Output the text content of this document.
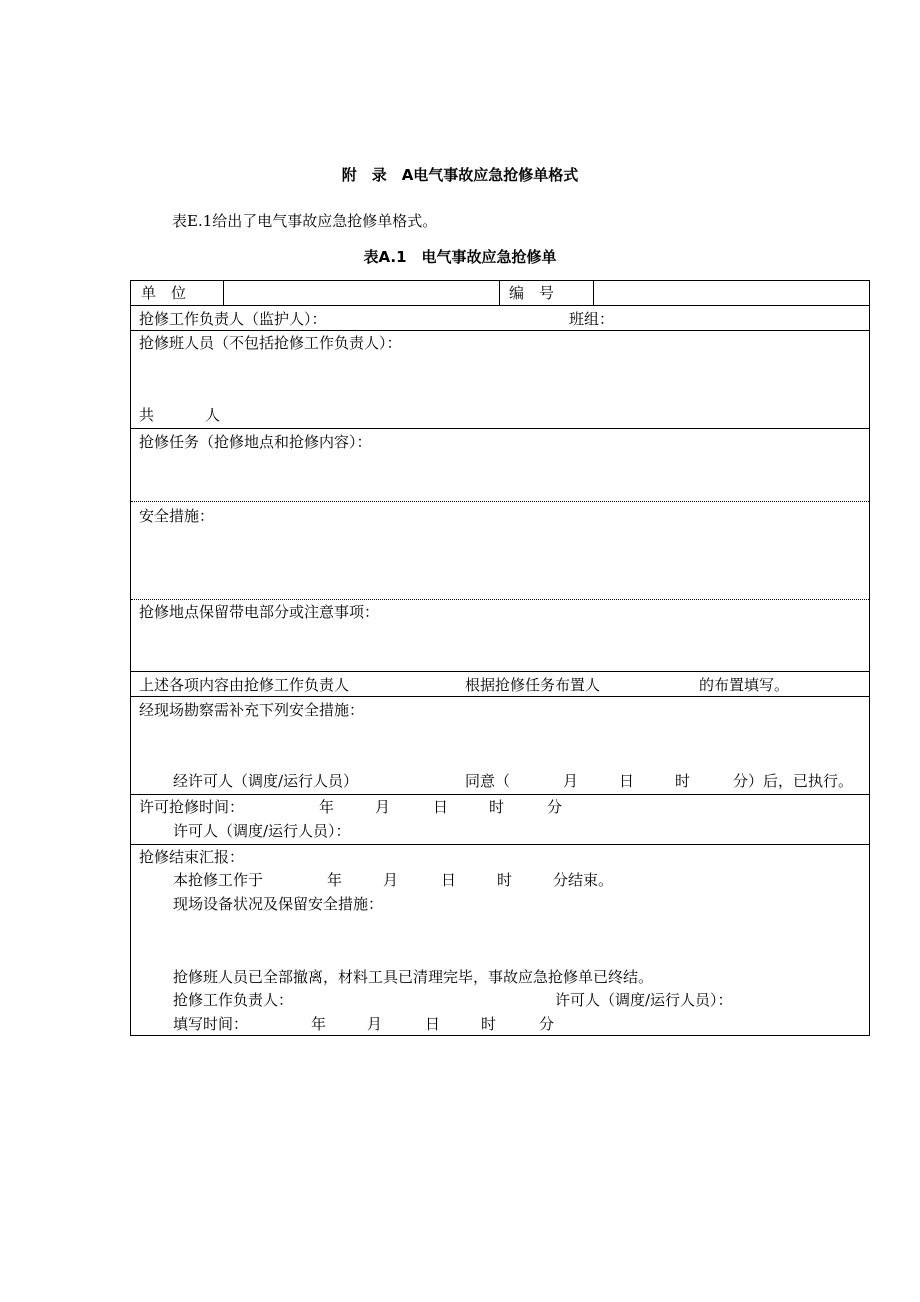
附　录　A电气事故应急抢修单格式
表E.1给出了电气事故应急抢修单格式。
表A.1　电气事故应急抢修单
单　位	编　号
抢修工作负责人（监护人）：	班组：
抢修班人员（不包括抢修工作负责人）：
共	人
抢修任务（抢修地点和抢修内容）：
安全措施：
抢修地点保留带电部分或注意事项：
上述各项内容由抢修工作负责人	根据抢修任务布置人	的布置填写。
经现场勘察需补充下列安全措施：
经许可人（调度/运行人员）	同意（	月	日	时	分）后，已执行。
许可抢修时间：	年	月	日	时	分
许可人（调度/运行人员）：
抢修结束汇报：
本抢修工作于	年	月	日	时	分结束。
现场设备状况及保留安全措施：
抢修班人员已全部撤离，材料工具已清理完毕，事故应急抢修单已终结。
抢修工作负责人：	许可人（调度/运行人员）：
填写时间：	年	月	日	时	分
